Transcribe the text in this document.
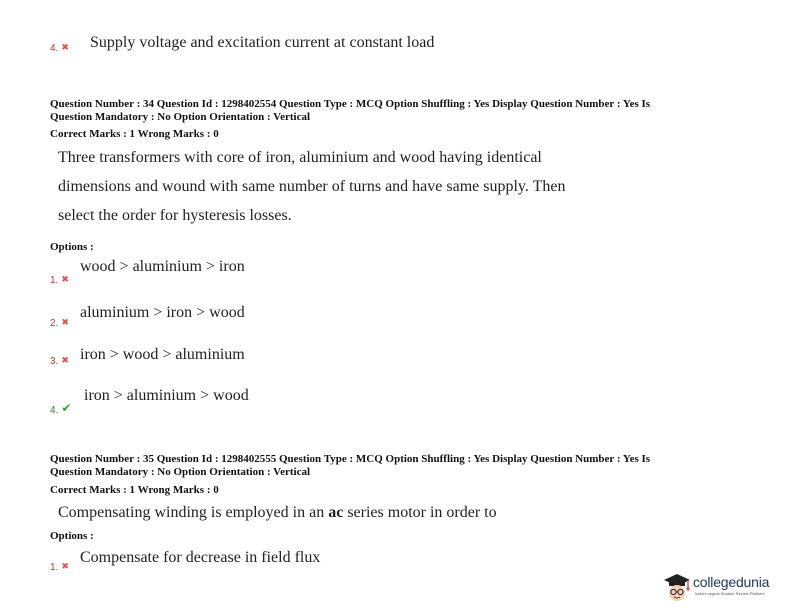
4. ✖ Supply voltage and excitation current at constant load
Question Number : 34 Question Id : 1298402554 Question Type : MCQ Option Shuffling : Yes Display Question Number : Yes Is
Question Mandatory : No Option Orientation : Vertical
Correct Marks : 1 Wrong Marks : 0
Three transformers with core of iron, aluminium and wood having identical
dimensions and wound with same number of turns and have same supply. Then
select the order for hysteresis losses.
Options :
1. ✖
wood > aluminium > iron
2. ✖
aluminium > iron > wood
3. ✖ iron > wood > aluminium
4. ✔
iron > aluminium > wood
Question Number : 35 Question Id : 1298402555 Question Type : MCQ Option Shuffling : Yes Display Question Number : Yes Is
Question Mandatory : No Option Orientation : Vertical
Correct Marks : 1 Wrong Marks : 0
Compensating winding is employed in an ac series motor in order to
Options :
1. ✖
Compensate for decrease in field flux
collegedunia
India's largest Student Review Platform
